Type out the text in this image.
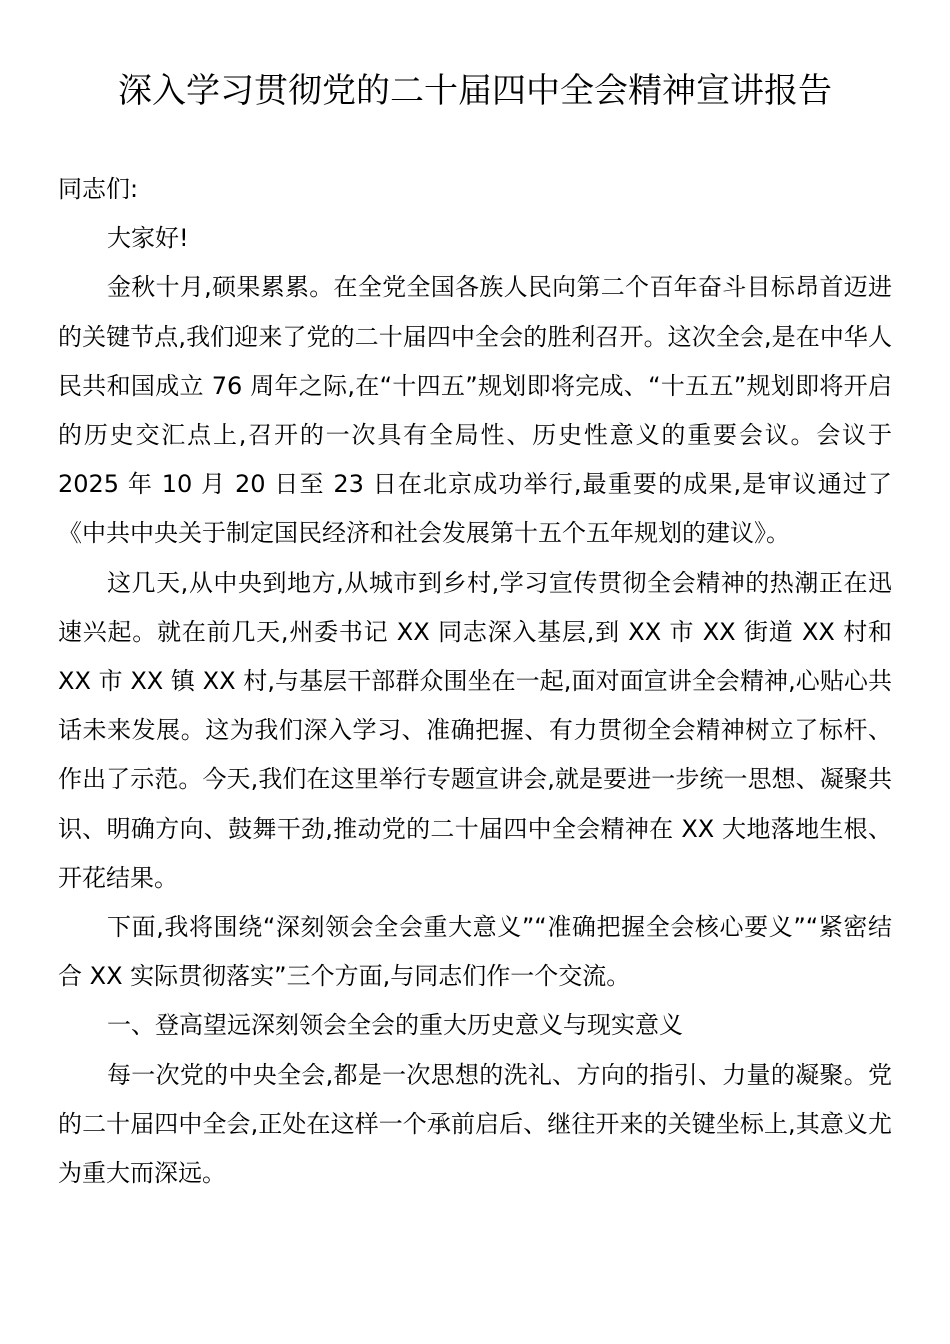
深入学习贯彻党的二十届四中全会精神宣讲报告

同志们:

大家好!

金秋十月,硕果累累。在全党全国各族人民向第二个百年奋斗目标昂首迈进的关键节点,我们迎来了党的二十届四中全会的胜利召开。这次全会,是在中华人民共和国成立 76 周年之际,在“十四五”规划即将完成、“十五五”规划即将开启的历史交汇点上,召开的一次具有全局性、历史性意义的重要会议。会议于 2025 年 10 月 20 日至 23 日在北京成功举行,最重要的成果,是审议通过了《中共中央关于制定国民经济和社会发展第十五个五年规划的建议》。

这几天,从中央到地方,从城市到乡村,学习宣传贯彻全会精神的热潮正在迅速兴起。就在前几天,州委书记 XX 同志深入基层,到 XX 市 XX 街道 XX 村和 XX 市 XX 镇 XX 村,与基层干部群众围坐在一起,面对面宣讲全会精神,心贴心共话未来发展。这为我们深入学习、准确把握、有力贯彻全会精神树立了标杆、作出了示范。今天,我们在这里举行专题宣讲会,就是要进一步统一思想、凝聚共识、明确方向、鼓舞干劲,推动党的二十届四中全会精神在 XX 大地落地生根、开花结果。

下面,我将围绕“深刻领会全会重大意义”“准确把握全会核心要义”“紧密结合 XX 实际贯彻落实”三个方面,与同志们作一个交流。

一、登高望远深刻领会全会的重大历史意义与现实意义

每一次党的中央全会,都是一次思想的洗礼、方向的指引、力量的凝聚。党的二十届四中全会,正处在这样一个承前启后、继往开来的关键坐标上,其意义尤为重大而深远。
